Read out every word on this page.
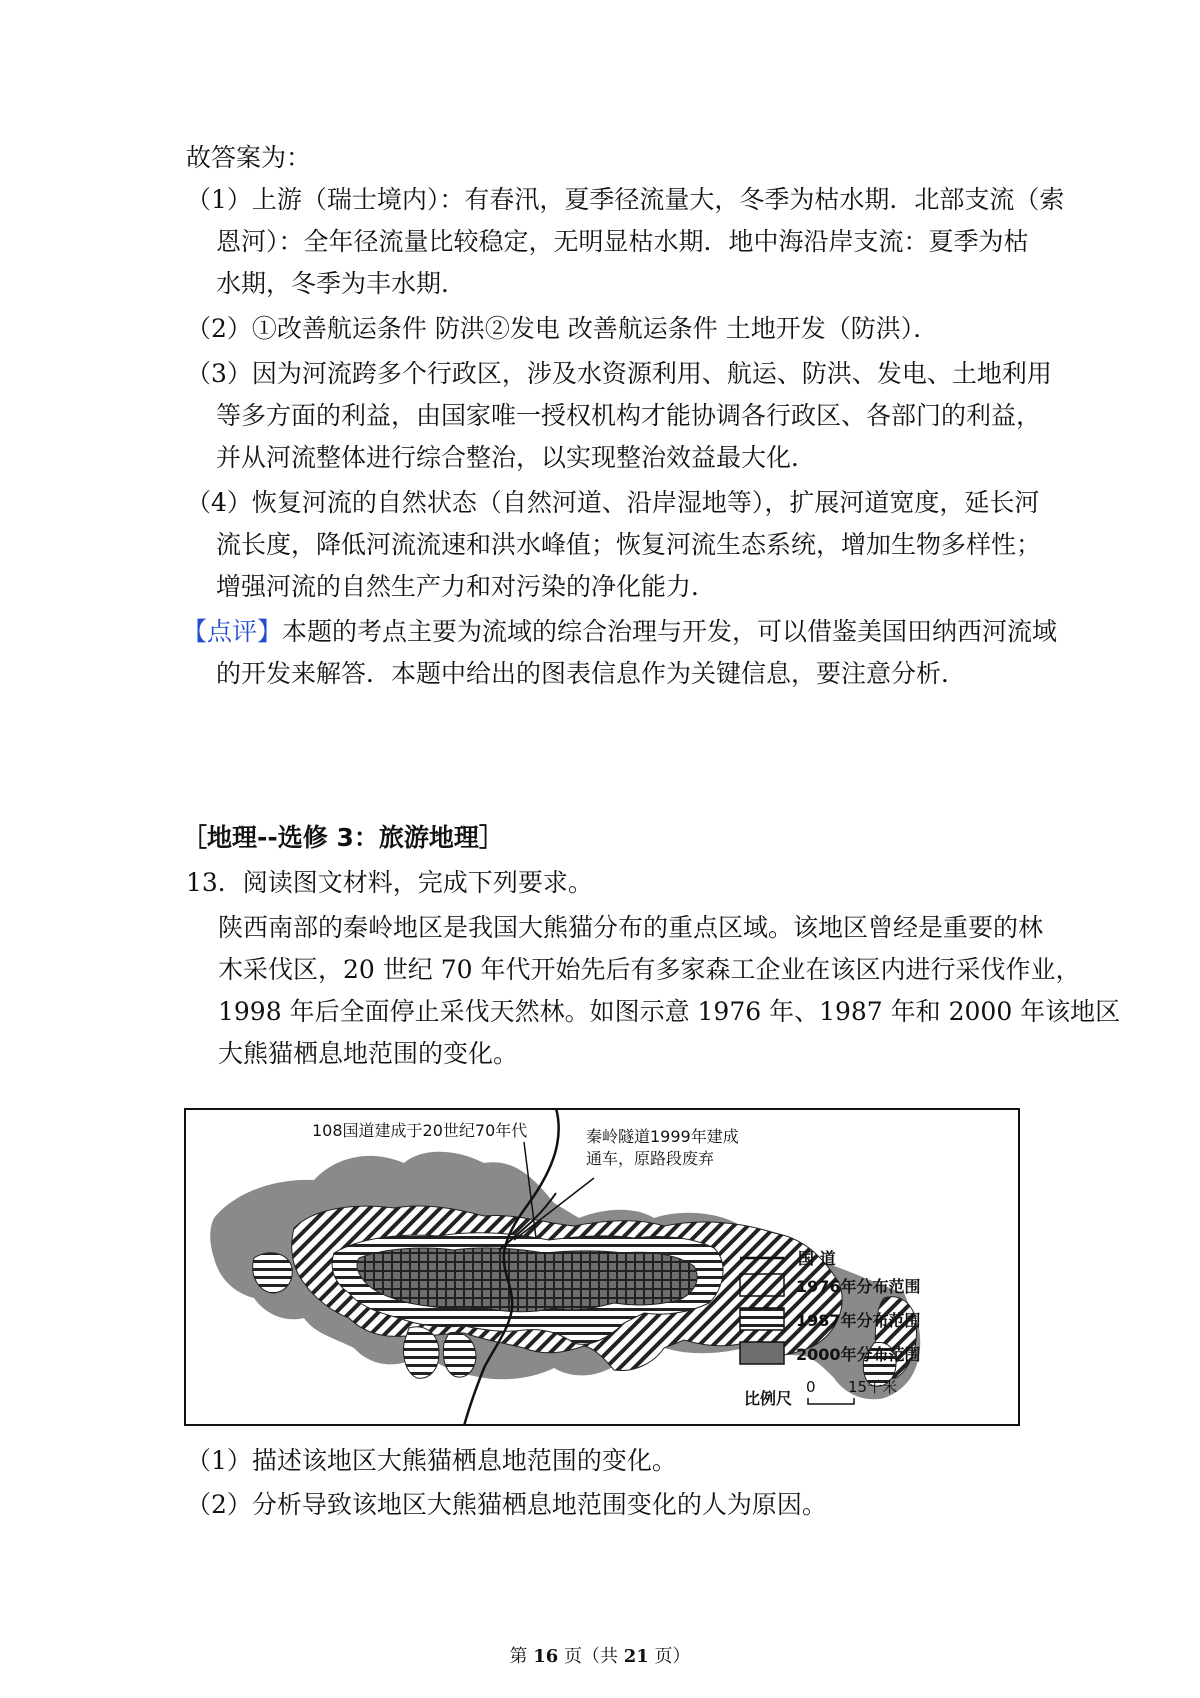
故答案为：
（1）上游（瑞士境内）：有春汛，夏季径流量大，冬季为枯水期．北部支流（索
恩河）：全年径流量比较稳定，无明显枯水期．地中海沿岸支流：夏季为枯
水期，冬季为丰水期．
（2）①改善航运条件 防洪②发电 改善航运条件 土地开发（防洪）．
（3）因为河流跨多个行政区，涉及水资源利用、航运、防洪、发电、土地利用
等多方面的利益，由国家唯一授权机构才能协调各行政区、各部门的利益，
并从河流整体进行综合整治，以实现整治效益最大化．
（4）恢复河流的自然状态（自然河道、沿岸湿地等），扩展河道宽度，延长河
流长度，降低河流流速和洪水峰值；恢复河流生态系统，增加生物多样性；
增强河流的自然生产力和对污染的净化能力．
【点评】本题的考点主要为流域的综合治理与开发，可以借鉴美国田纳西河流域
的开发来解答．本题中给出的图表信息作为关键信息，要注意分析．
［地理--选修 3：旅游地理］
13．阅读图文材料，完成下列要求。
陕西南部的秦岭地区是我国大熊猫分布的重点区域。该地区曾经是重要的林
木采伐区，20 世纪 70 年代开始先后有多家森工企业在该区内进行采伐作业，
1998 年后全面停止采伐天然林。如图示意 1976 年、1987 年和 2000 年该地区
大熊猫栖息地范围的变化。
108国道建成于20世纪70年代	秦岭隧道1999年建成
通车，原路段废弃
国 道
1976年分布范围
1987年分布范围
2000年分布范围
比例尺
0 15千米
（1）描述该地区大熊猫栖息地范围的变化。
（2）分析导致该地区大熊猫栖息地范围变化的人为原因。
第 16 页（共 21 页）
